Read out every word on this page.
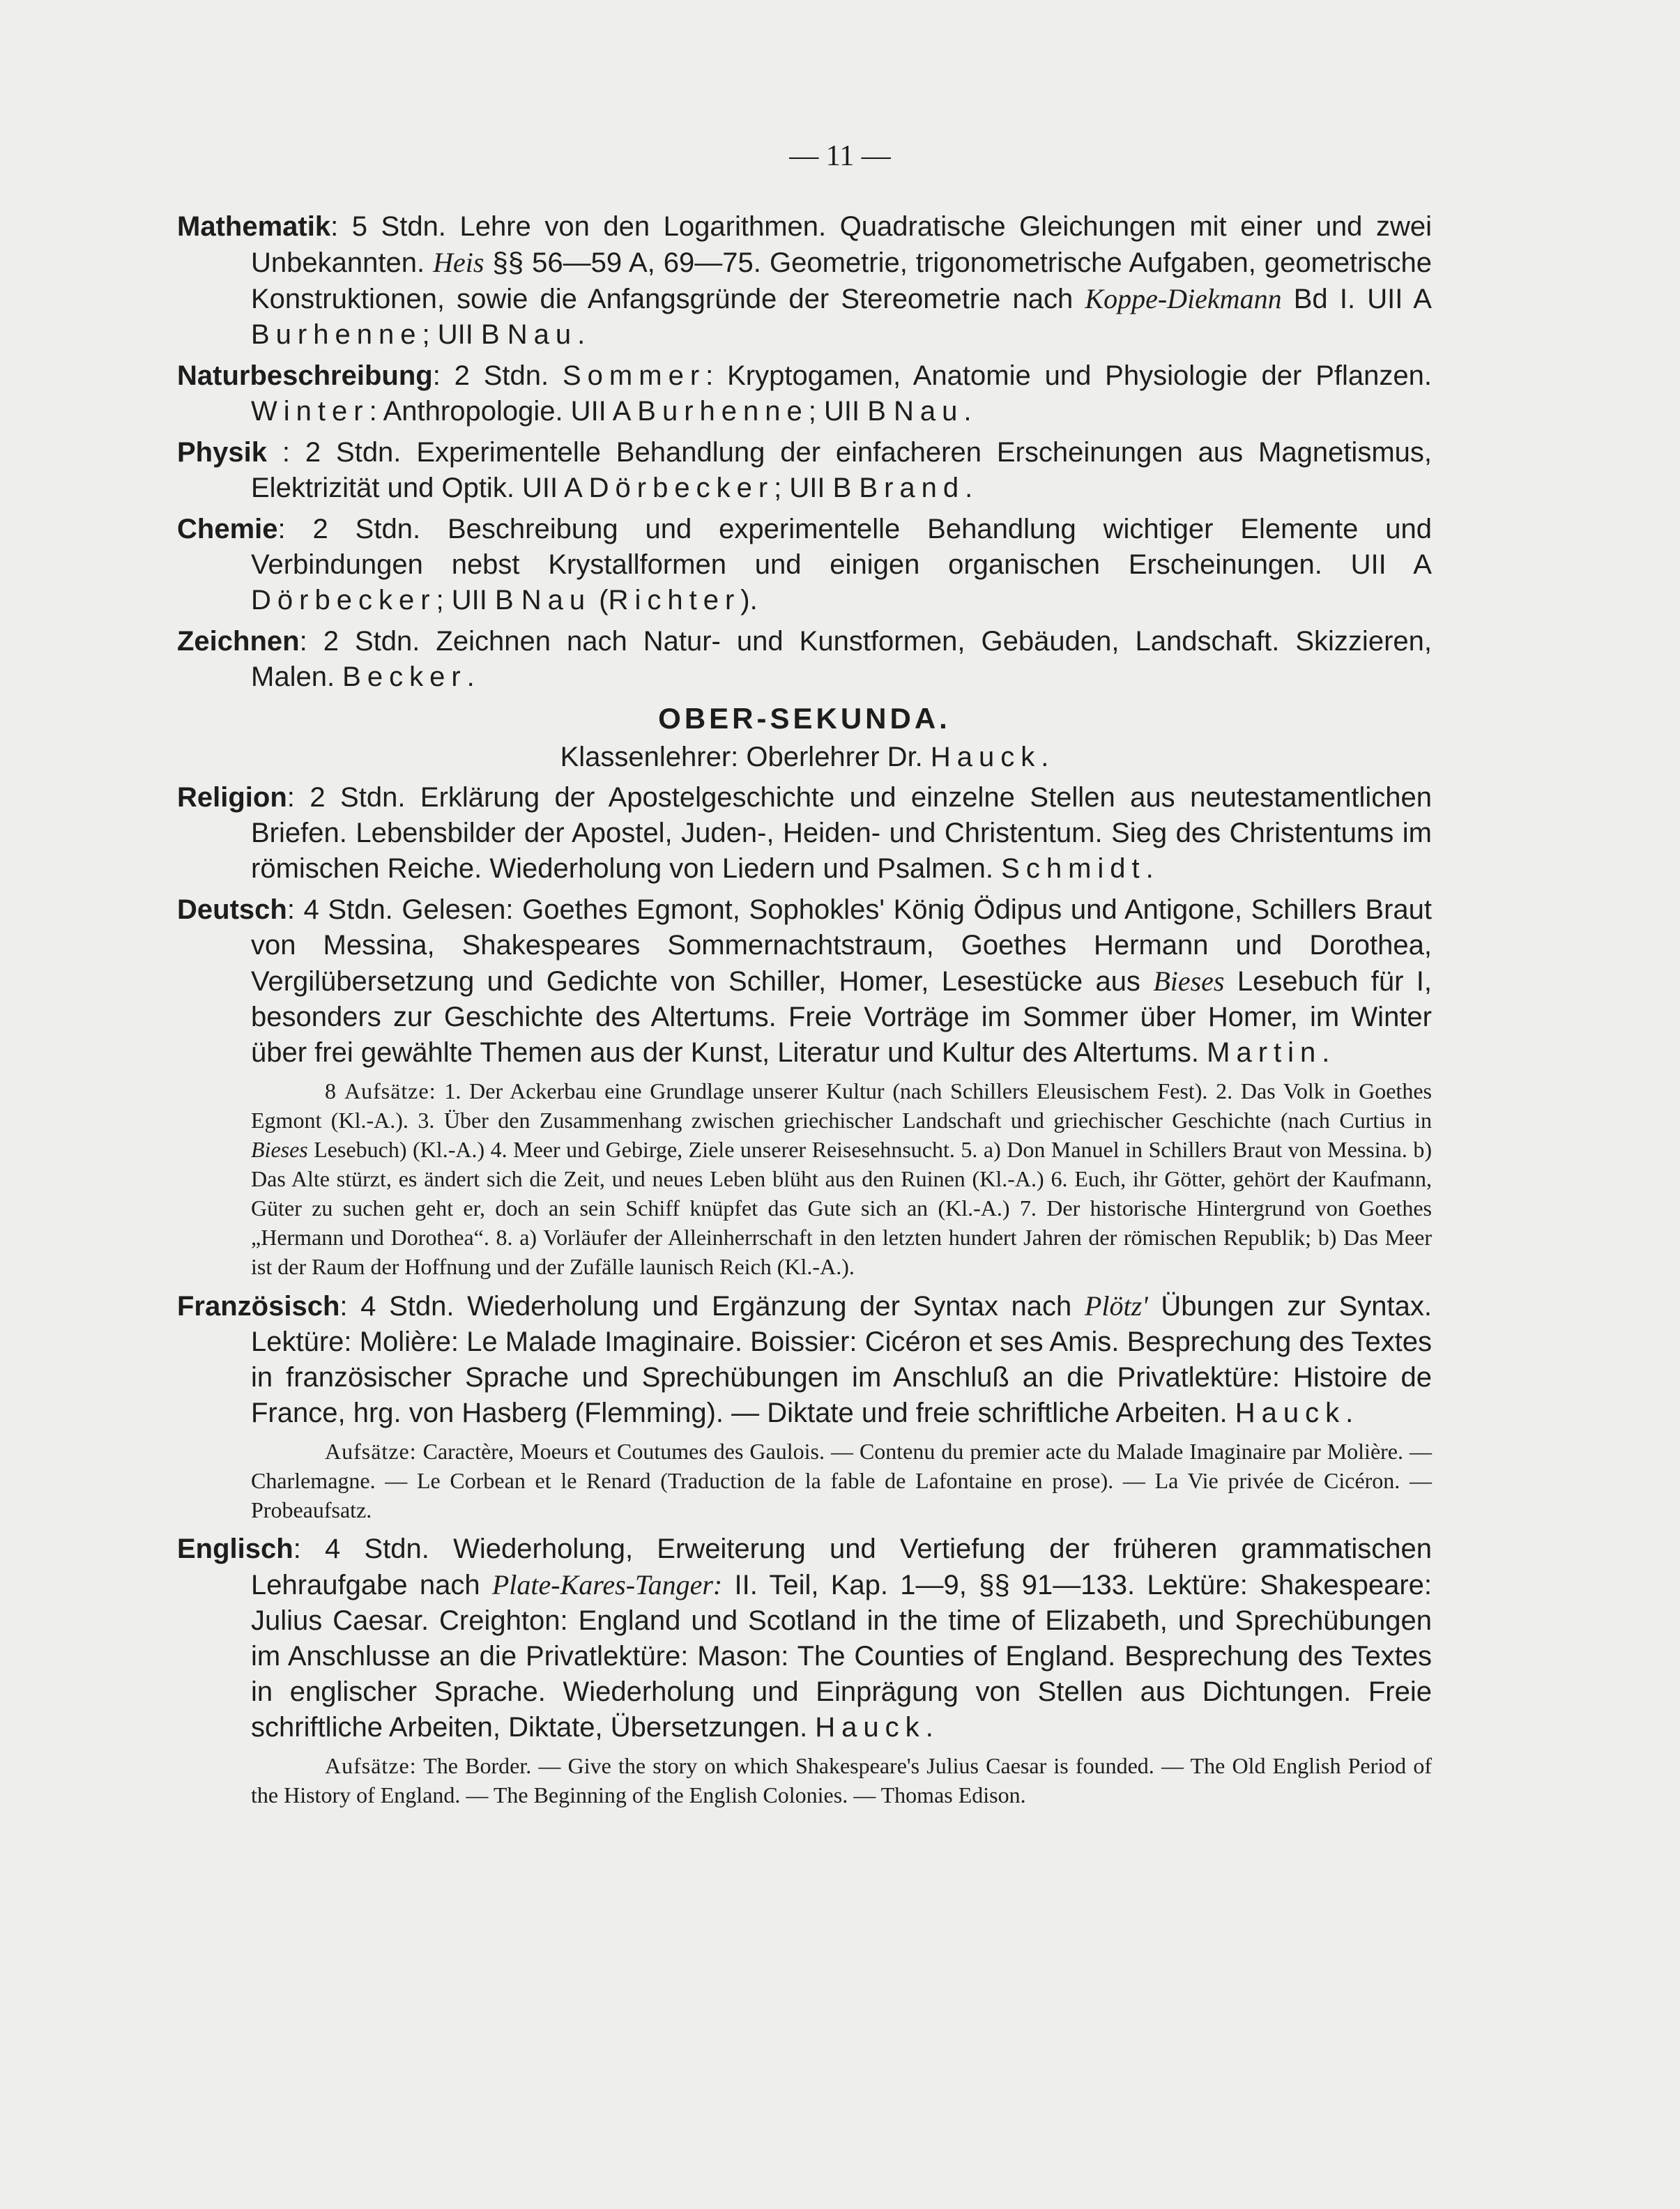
— 11 —

Mathematik: 5 Stdn. Lehre von den Logarithmen. Quadratische Gleichungen mit einer und zwei Unbekannten. Heis §§ 56—59 A, 69—75. Geometrie, trigonometrische Aufgaben, geometrische Konstruktionen, sowie die Anfangsgründe der Stereometrie nach Koppe-Diekmann Bd I. UII A Burhenne; UII B Nau.

Naturbeschreibung: 2 Stdn. Sommer: Kryptogamen, Anatomie und Physiologie der Pflanzen. Winter: Anthropologie. UII A Burhenne; UII B Nau.

Physik : 2 Stdn. Experimentelle Behandlung der einfacheren Erscheinungen aus Magnetismus, Elektrizität und Optik. UII A Dörbecker; UII B Brand.

Chemie: 2 Stdn. Beschreibung und experimentelle Behandlung wichtiger Elemente und Verbindungen nebst Krystallformen und einigen organischen Erscheinungen. UII A Dörbecker; UII B Nau (Richter).

Zeichnen: 2 Stdn. Zeichnen nach Natur- und Kunstformen, Gebäuden, Landschaft. Skizzieren, Malen. Becker.

OBER-SEKUNDA.
Klassenlehrer: Oberlehrer Dr. Hauck.

Religion: 2 Stdn. Erklärung der Apostelgeschichte und einzelne Stellen aus neutestamentlichen Briefen. Lebensbilder der Apostel, Juden-, Heiden- und Christentum. Sieg des Christentums im römischen Reiche. Wiederholung von Liedern und Psalmen. Schmidt.

Deutsch: 4 Stdn. Gelesen: Goethes Egmont, Sophokles' König Ödipus und Antigone, Schillers Braut von Messina, Shakespeares Sommernachtstraum, Goethes Hermann und Dorothea, Vergilübersetzung und Gedichte von Schiller, Homer, Lesestücke aus Bieses Lesebuch für I, besonders zur Geschichte des Altertums. Freie Vorträge im Sommer über Homer, im Winter über frei gewählte Themen aus der Kunst, Literatur und Kultur des Altertums. Martin.

8 Aufsätze: 1. Der Ackerbau eine Grundlage unserer Kultur (nach Schillers Eleusischem Fest). 2. Das Volk in Goethes Egmont (Kl.-A.). 3. Über den Zusammenhang zwischen griechischer Landschaft und griechischer Geschichte (nach Curtius in Bieses Lesebuch) (Kl.-A.) 4. Meer und Gebirge, Ziele unserer Reisesehnsucht. 5. a) Don Manuel in Schillers Braut von Messina. b) Das Alte stürzt, es ändert sich die Zeit, und neues Leben blüht aus den Ruinen (Kl.-A.) 6. Euch, ihr Götter, gehört der Kaufmann, Güter zu suchen geht er, doch an sein Schiff knüpfet das Gute sich an (Kl.-A.) 7. Der historische Hintergrund von Goethes „Hermann und Dorothea“. 8. a) Vorläufer der Alleinherrschaft in den letzten hundert Jahren der römischen Republik; b) Das Meer ist der Raum der Hoffnung und der Zufälle launisch Reich (Kl.-A.).

Französisch: 4 Stdn. Wiederholung und Ergänzung der Syntax nach Plötz' Übungen zur Syntax. Lektüre: Molière: Le Malade Imaginaire. Boissier: Cicéron et ses Amis. Besprechung des Textes in französischer Sprache und Sprechübungen im Anschluß an die Privatlektüre: Histoire de France, hrg. von Hasberg (Flemming). — Diktate und freie schriftliche Arbeiten. Hauck.

Aufsätze: Caractère, Moeurs et Coutumes des Gaulois. — Contenu du premier acte du Malade Imaginaire par Molière. — Charlemagne. — Le Corbean et le Renard (Traduction de la fable de Lafontaine en prose). — La Vie privée de Cicéron. — Probeaufsatz.

Englisch: 4 Stdn. Wiederholung, Erweiterung und Vertiefung der früheren grammatischen Lehraufgabe nach Plate-Kares-Tanger: II. Teil, Kap. 1—9, §§ 91—133. Lektüre: Shakespeare: Julius Caesar. Creighton: England und Scotland in the time of Elizabeth, und Sprechübungen im Anschlusse an die Privatlektüre: Mason: The Counties of England. Besprechung des Textes in englischer Sprache. Wiederholung und Einprägung von Stellen aus Dichtungen. Freie schriftliche Arbeiten, Diktate, Übersetzungen. Hauck.

Aufsätze: The Border. — Give the story on which Shakespeare's Julius Caesar is founded. — The Old English Period of the History of England. — The Beginning of the English Colonies. — Thomas Edison.
